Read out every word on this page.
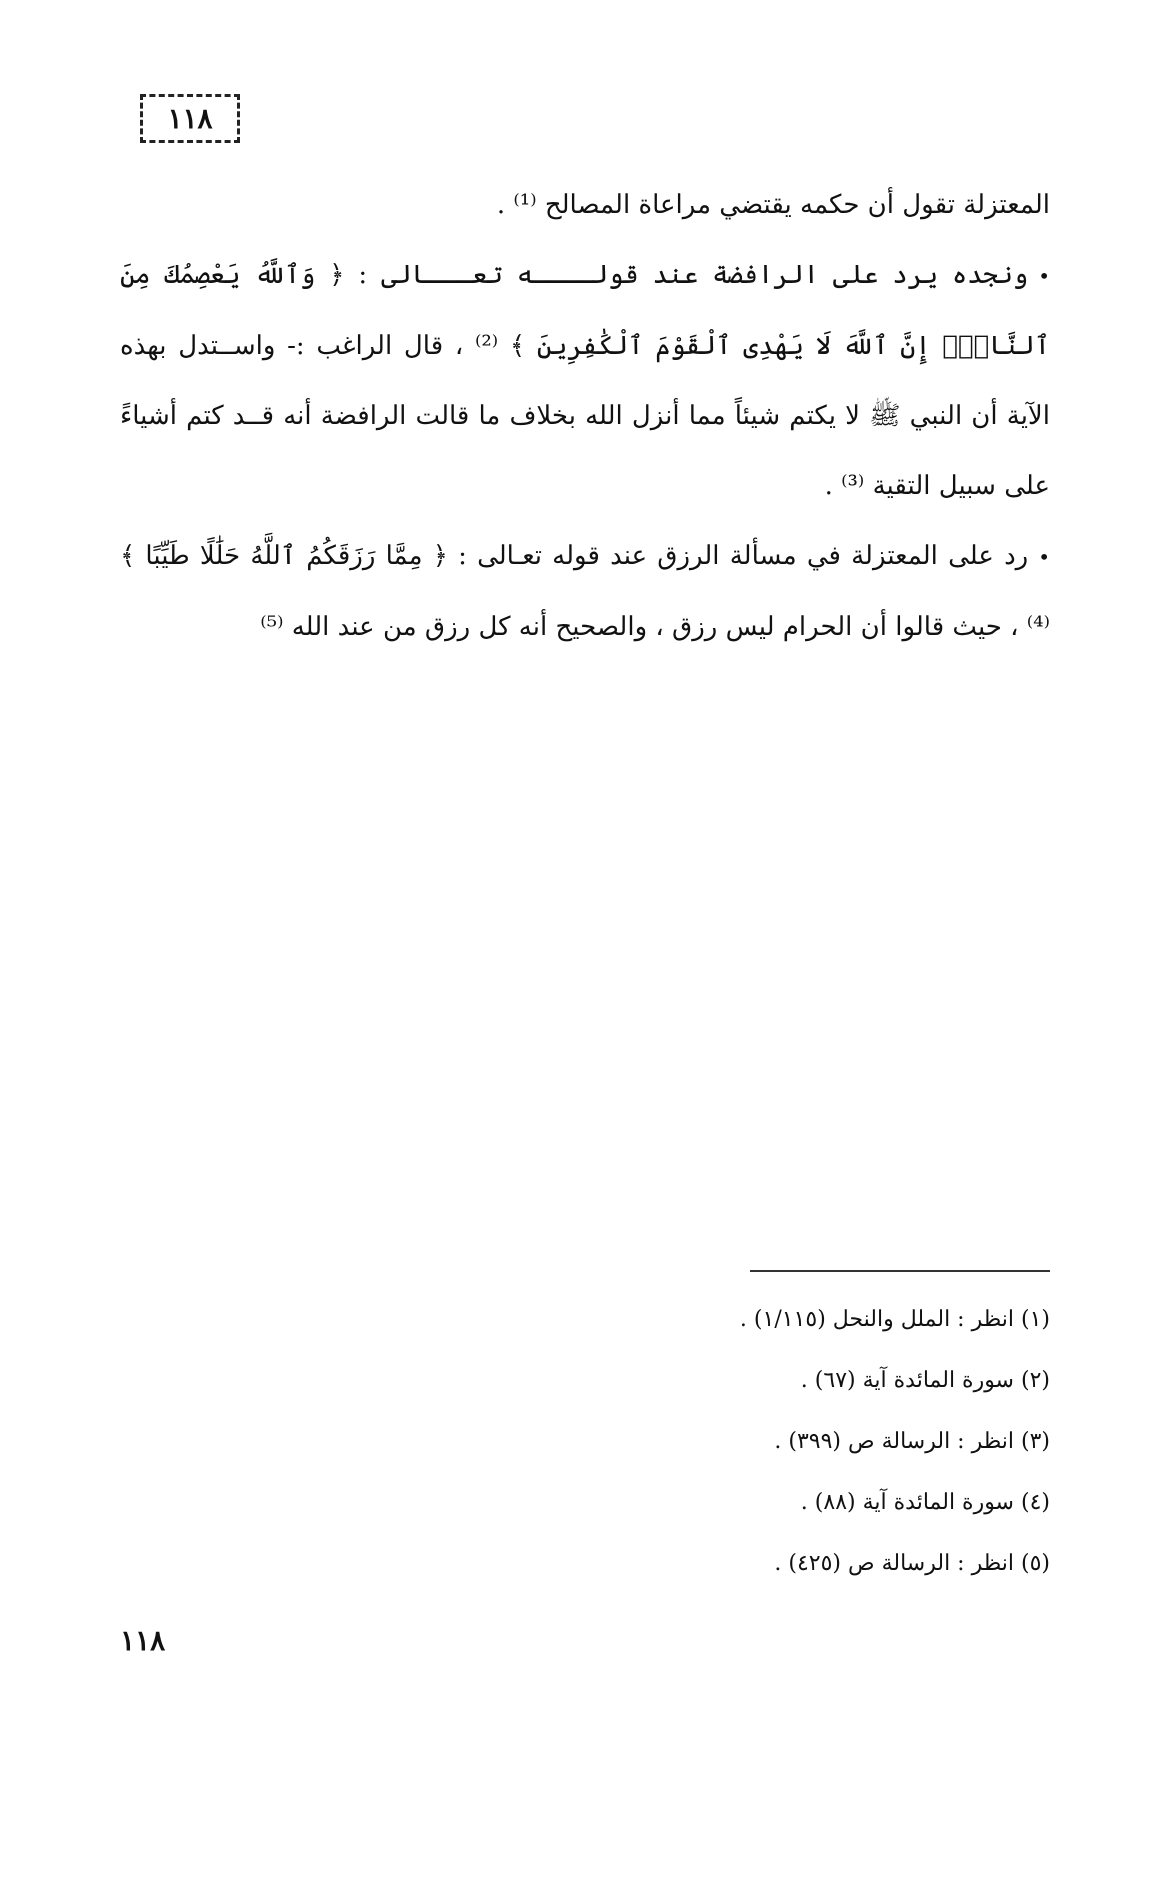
١١٨

المعتزلة تقول أن حكمه يقتضي مراعاة المصالح ⁽¹⁾ .

•ونجده يرد على الرافضة عند قولــــه تعـــالى : ﴿ وَٱللَّهُ يَعْصِمُكَ مِنَ ٱلنَّاسِۗ إِنَّ ٱللَّهَ لَا يَهْدِى ٱلْقَوْمَ ٱلْكَٰفِرِينَ ﴾ ⁽²⁾ ، قال الراغب :- واســتدل بهذه الآية أن النبي ﷺ لا يكتم شيئاً مما أنزل الله بخلاف ما قالت الرافضة أنه قــد كتم أشياءً على سبيل التقية ⁽³⁾ .

•رد على المعتزلة في مسألة الرزق عند قوله تعـالى : ﴿ مِمَّا رَزَقَكُمُ ٱللَّهُ حَلَٰلًا طَيِّبًا ﴾ ⁽⁴⁾ ، حيث قالوا أن الحرام ليس رزق ، والصحيح أنه كل رزق من عند الله ⁽⁵⁾

(١) انظر : الملل والنحل (١/١١٥) .

(٢) سورة المائدة آية (٦٧) .

(٣) انظر : الرسالة ص (٣٩٩) .

(٤) سورة المائدة آية (٨٨) .

(٥) انظر : الرسالة ص (٤٢٥) .

١١٨
